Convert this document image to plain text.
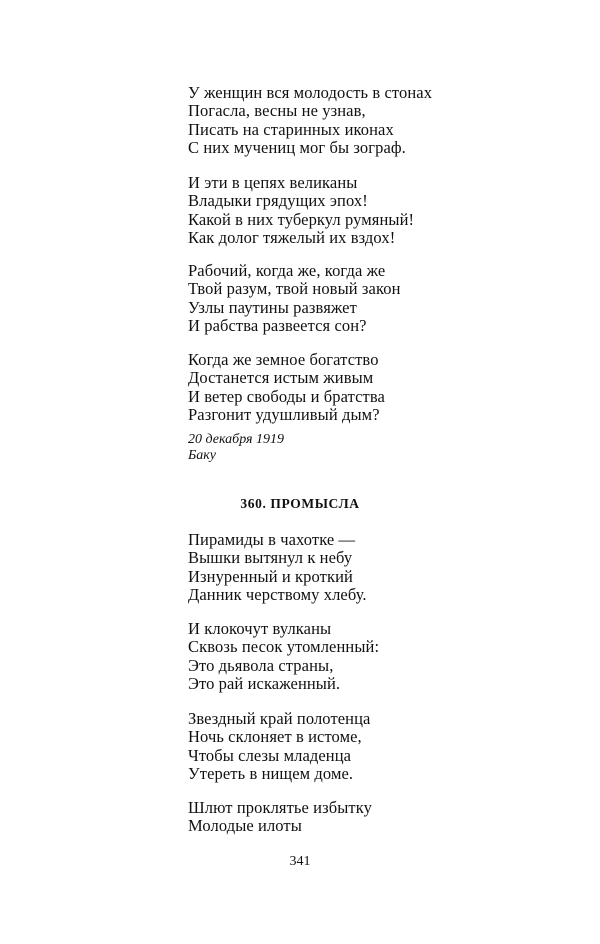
У женщин вся молодость в стонах
Погасла, весны не узнав,
Писать на старинных иконах
С них мучениц мог бы зограф.
И эти в цепях великаны
Владыки грядущих эпох!
Какой в них туберкул румяный!
Как долог тяжелый их вздох!
Рабочий, когда же, когда же
Твой разум, твой новый закон
Узлы паутины развяжет
И рабства развеется сон?
Когда же земное богатство
Достанется истым живым
И ветер свободы и братства
Разгонит удушливый дым?
20 декабря 1919
Баку
360. ПРОМЫСЛА
Пирамиды в чахотке —
Вышки вытянул к небу
Изнуренный и кроткий
Данник черствому хлебу.
И клокочут вулканы
Сквозь песок утомленный:
Это дьявола страны,
Это рай искаженный.
Звездный край полотенца
Ночь склоняет в истоме,
Чтобы слезы младенца
Утереть в нищем доме.
Шлют проклятье избытку
Молодые илоты
341
